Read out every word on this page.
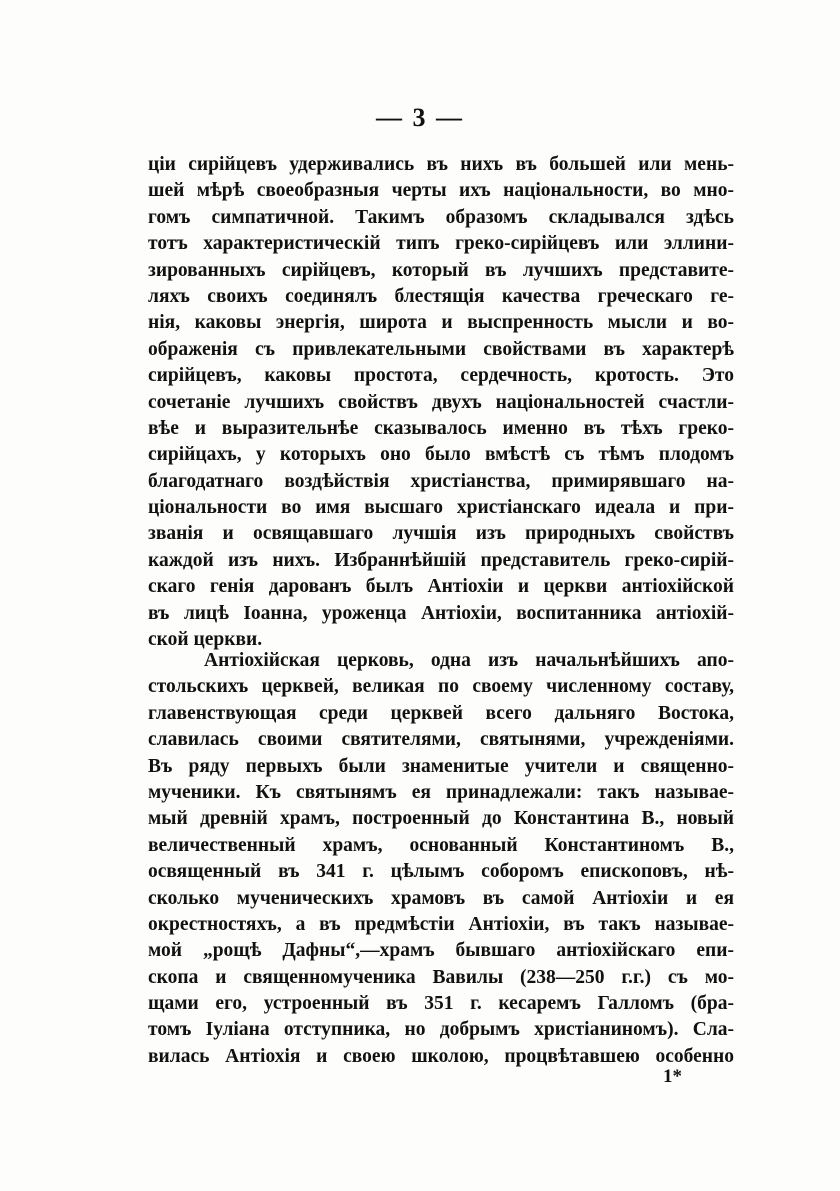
— 3 —
ціи сирійцевъ удерживались въ нихъ въ большей или мень-
шей мѣрѣ своеобразныя черты ихъ національности, во мно-
гомъ симпатичной. Такимъ образомъ складывался здѣсь
тотъ характеристическій типъ греко-сирійцевъ или эллини-
зированныхъ сирійцевъ, который въ лучшихъ представите-
ляхъ своихъ соединялъ блестящія качества греческаго ге-
нія, каковы энергія, широта и выспренность мысли и во-
ображенія съ привлекательными свойствами въ характерѣ
сирійцевъ, каковы простота, сердечность, кротость. Это
сочетаніе лучшихъ свойствъ двухъ національностей счастли-
вѣе и выразительнѣе сказывалось именно въ тѣхъ греко-
сирійцахъ, у которыхъ оно было вмѣстѣ съ тѣмъ плодомъ
благодатнаго воздѣйствія христіанства, примирявшаго на-
ціональности во имя высшаго христіанскаго идеала и при-
званія и освящавшаго лучшія изъ природныхъ свойствъ
каждой изъ нихъ. Избраннѣйшій представитель греко-сирій-
скаго генія дарованъ былъ Антіохіи и церкви антіохійской
въ лицѣ Іоанна, уроженца Антіохіи, воспитанника антіохій-
ской церкви.
Антіохійская церковь, одна изъ начальнѣйшихъ апо-
стольскихъ церквей, великая по своему численному составу,
главенствующая среди церквей всего дальняго Востока,
славилась своими святителями, святынями, учрежденіями.
Въ ряду первыхъ были знаменитые учители и священно-
мученики. Къ святынямъ ея принадлежали: такъ называе-
мый древній храмъ, построенный до Константина В., новый
величественный храмъ, основанный Константиномъ В.,
освященный въ 341 г. цѣлымъ соборомъ епископовъ, нѣ-
сколько мученическихъ храмовъ въ самой Антіохіи и ея
окрестностяхъ, а въ предмѣстіи Антіохіи, въ такъ называе-
мой „рощѣ Дафны“,—храмъ бывшаго антіохійскаго епи-
скопа и священномученика Вавилы (238—250 г.г.) съ мо-
щами его, устроенный въ 351 г. кесаремъ Галломъ (бра-
томъ Іуліана отступника, но добрымъ христіаниномъ). Сла-
вилась Антіохія и своею школою, процвѣтавшею особенно
1*
